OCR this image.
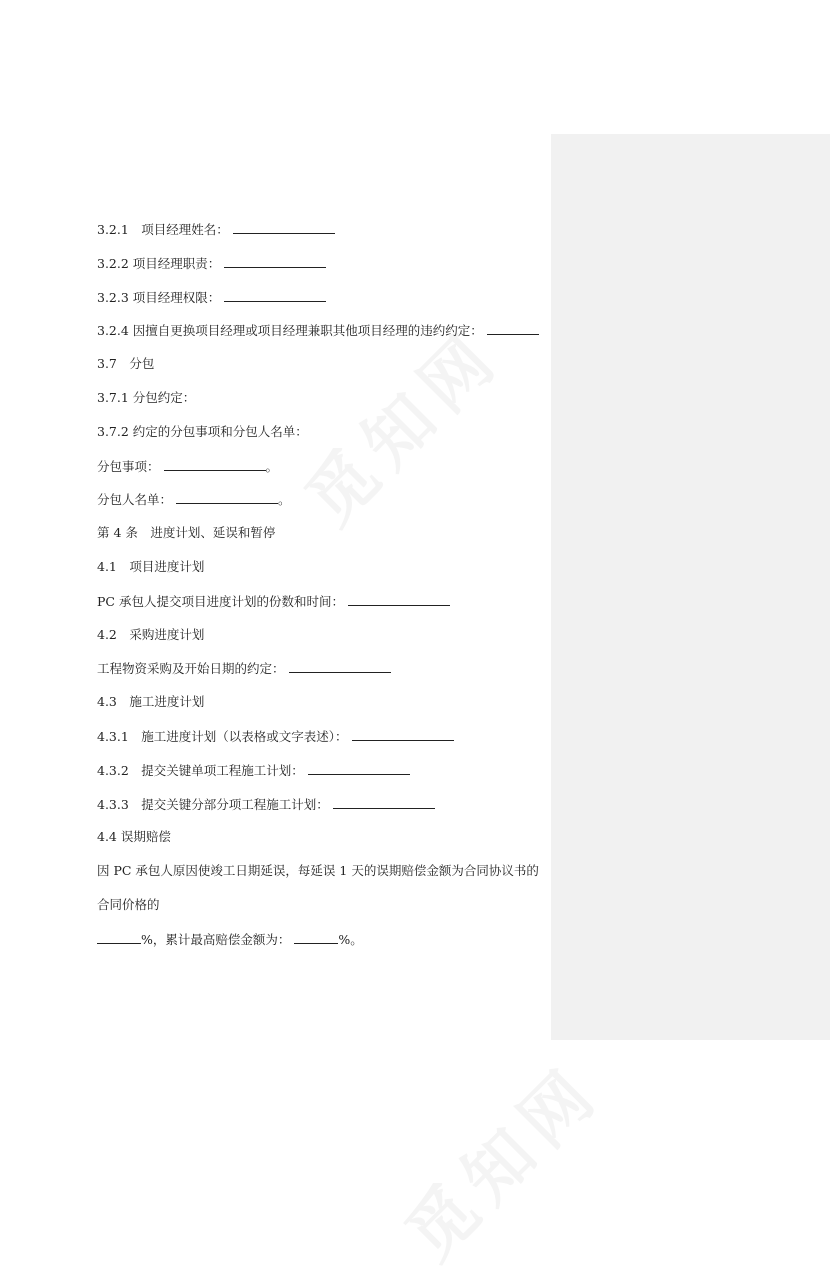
3.2.1　项目经理姓名：

3.2.2 项目经理职责：

3.2.3 项目经理权限：

3.2.4 因擅自更换项目经理或项目经理兼职其他项目经理的违约约定：

3.7　分包

3.7.1 分包约定：

3.7.2 约定的分包事项和分包人名单：

分包事项：	。

分包人名单：	。

第 4 条　进度计划、延误和暂停

4.1　项目进度计划

PC 承包人提交项目进度计划的份数和时间：

4.2　采购进度计划

工程物资采购及开始日期的约定：

4.3　施工进度计划

4.3.1　施工进度计划（以表格或文字表述）：

4.3.2　提交关键单项工程施工计划：

4.3.3　提交关键分部分项工程施工计划：

4.4 误期赔偿

因 PC 承包人原因使竣工日期延误，每延误 1 天的误期赔偿金额为合同协议书的

合同价格的

%，累计最高赔偿金额为：	%。
